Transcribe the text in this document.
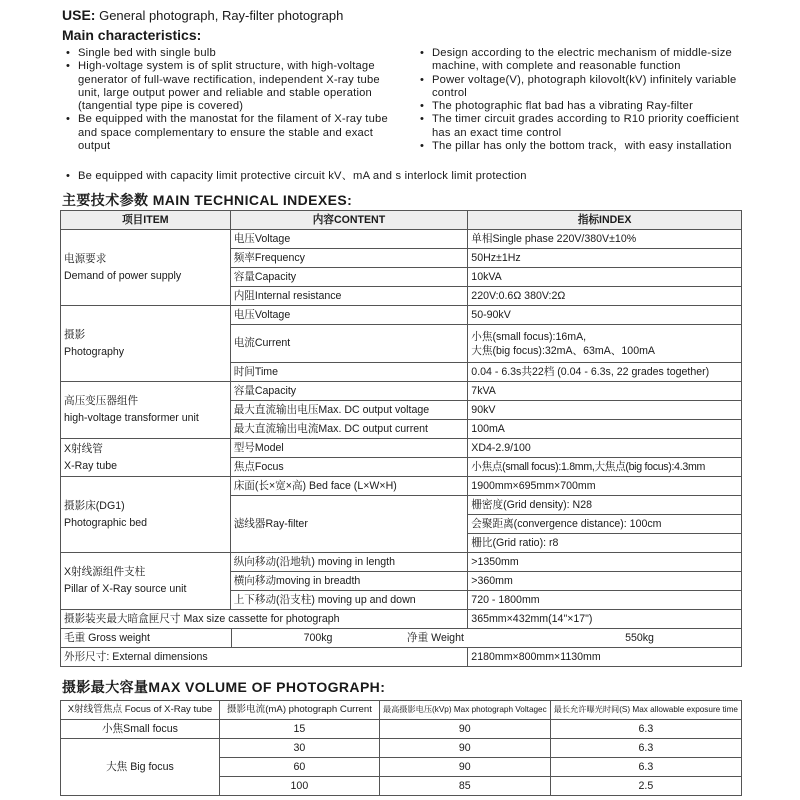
USE: General photograph, Ray-filter photograph
Main characteristics:
• Single bed with single bulb
• High-voltage system is of split structure, with high-voltage generator of full-wave rectification, independent X-ray tube unit, large output power and reliable and stable operation (tangential type pipe is covered)
• Be equipped with the manostat for the filament of X-ray tube and space complementary to ensure the stable and exact output
• Design according to the electric mechanism of middle-size machine, with complete and reasonable function
• Power voltage(V), photograph kilovolt(kV) infinitely variable control
• The photographic flat bad has a vibrating Ray-filter
• The timer circuit grades according to R10 priority coefficient has an exact time control
• The pillar has only the bottom track，with easy installation
• Be equipped with capacity limit protective circuit kV、mA and s interlock limit protection
主要技术参数 MAIN TECHNICAL INDEXES:
项目ITEM	内容CONTENT	指标INDEX
电源要求
Demand of power supply	电压Voltage	单相Single phase 220V/380V±10%
	频率Frequency	50Hz±1Hz
	容量Capacity	10kVA
	内阻Internal resistance	220V:0.6Ω 380V:2Ω
摄影
Photography	电压Voltage	50-90kV
	电流Current	小焦(small focus):16mA,
大焦(big focus):32mA、63mA、100mA
	时间Time	0.04 - 6.3s共22档 (0.04 - 6.3s, 22 grades together)
高压变压器组件
high-voltage transformer unit	容量Capacity	7kVA
	最大直流输出电压Max. DC output voltage	90kV
	最大直流输出电流Max. DC output current	100mA
X射线管
X-Ray tube	型号Model	XD4-2.9/100
	焦点Focus	小焦点(small focus):1.8mm,大焦点(big focus):4.3mm
摄影床(DG1)
Photographic bed	床面(长×宽×高) Bed face (L×W×H)	1900mm×695mm×700mm
	滤线器Ray-filter	栅密度(Grid density): N28
		会聚距离(convergence distance): 100cm
		栅比(Grid ratio): r8
X射线源组件支柱
Pillar of X-Ray source unit	纵向移动(沿地轨) moving in length	>1350mm
	横向移动moving in breadth	>360mm
	上下移动(沿支柱) moving up and down	720 - 1800mm
摄影装夹最大暗盒匣尺寸 Max size cassette for photograph		365mm×432mm(14"×17")

毛重 Gross weight 700kg 净重 Weight 550kg		

外形尺寸: External dimensions		2180mm×800mm×1130mm
摄影最大容量MAX VOLUME OF PHOTOGRAPH:
X射线管焦点 Focus of X-Ray tube	摄影电流(mA) photograph Current	最高摄影电压(kVp) Max photograph Voltagec	最长允许曝光时间(S) Max allowable exposure time
小焦Small focus	15	90	6.3
大焦 Big focus	30	90	6.3
	60	90	6.3
	100	85	2.5
